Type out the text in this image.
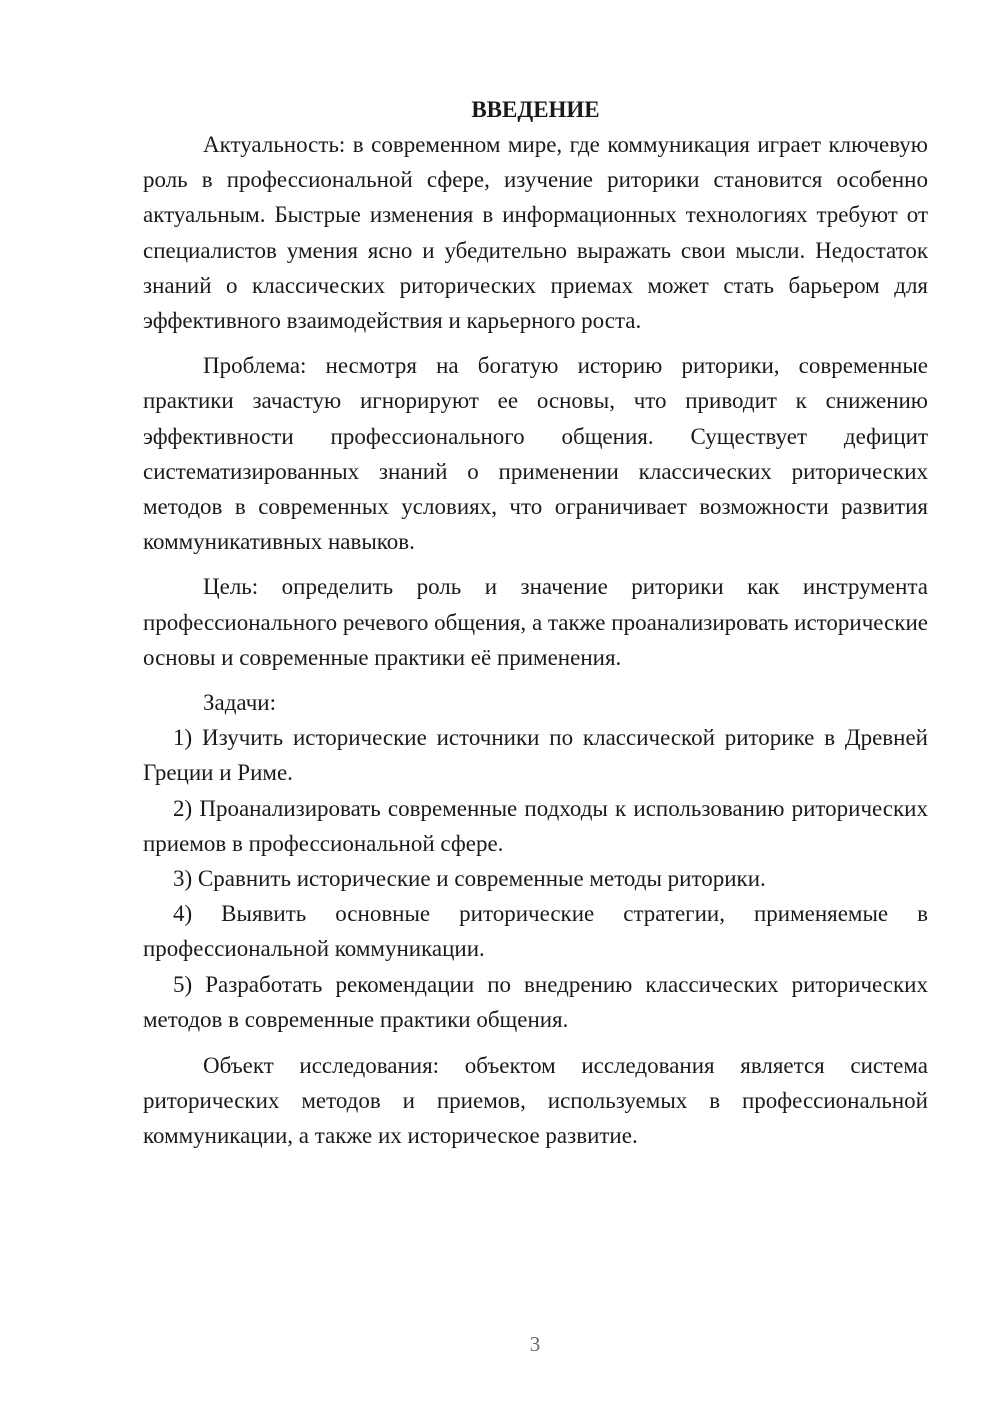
ВВЕДЕНИЕ

Актуальность: в современном мире, где коммуникация играет ключевую роль в профессиональной сфере, изучение риторики становится особенно актуальным. Быстрые изменения в информационных технологиях требуют от специалистов умения ясно и убедительно выражать свои мысли. Недостаток знаний о классических риторических приемах может стать барьером для эффективного взаимодействия и карьерного роста.

Проблема: несмотря на богатую историю риторики, современные практики зачастую игнорируют ее основы, что приводит к снижению эффективности профессионального общения. Существует дефицит систематизированных знаний о применении классических риторических методов в современных условиях, что ограничивает возможности развития коммуникативных навыков.

Цель: определить роль и значение риторики как инструмента профессионального речевого общения, а также проанализировать исторические основы и современные практики её применения.

Задачи:

1) Изучить исторические источники по классической риторике в Древней Греции и Риме.

2) Проанализировать современные подходы к использованию риторических приемов в профессиональной сфере.

3) Сравнить исторические и современные методы риторики.

4) Выявить основные риторические стратегии, применяемые в профессиональной коммуникации.

5) Разработать рекомендации по внедрению классических риторических методов в современные практики общения.

Объект исследования: объектом исследования является система риторических методов и приемов, используемых в профессиональной коммуникации, а также их историческое развитие.

3
